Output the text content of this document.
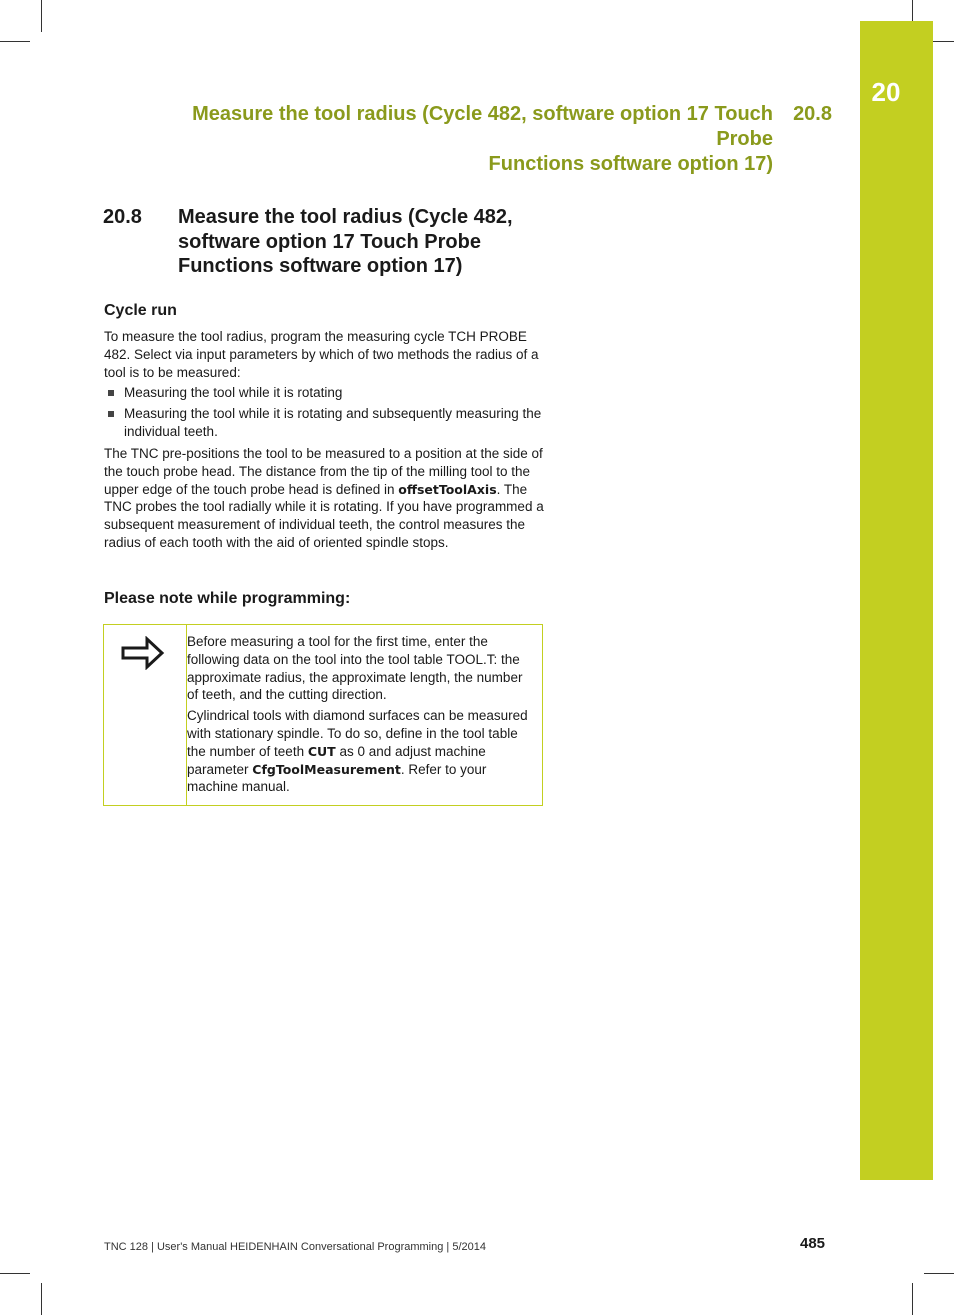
20
Measure the tool radius (Cycle 482, software option 17 Touch Probe
Functions software option 17)
20.8
20.8 Measure the tool radius (Cycle 482,
software option 17 Touch Probe
Functions software option 17)
Cycle run
To measure the tool radius, program the measuring cycle TCH PROBE 482. Select via input parameters by which of two methods the radius of a tool is to be measured:
Measuring the tool while it is rotating
Measuring the tool while it is rotating and subsequently measuring the individual teeth.
The TNC pre-positions the tool to be measured to a position at the side of the touch probe head. The distance from the tip of the milling tool to the upper edge of the touch probe head is defined in offsetToolAxis. The TNC probes the tool radially while it is rotating. If you have programmed a subsequent measurement of individual teeth, the control measures the radius of each tooth with the aid of oriented spindle stops.
Please note while programming:

Before measuring a tool for the first time, enter the following data on the tool into the tool table TOOL.T: the approximate radius, the approximate length, the number of teeth, and the cutting direction.

Cylindrical tools with diamond surfaces can be measured with stationary spindle. To do so, define in the tool table the number of teeth CUT as 0 and adjust machine parameter CfgToolMeasurement. Refer to your machine manual.

TNC 128 | User's Manual HEIDENHAIN Conversational Programming | 5/2014	485
